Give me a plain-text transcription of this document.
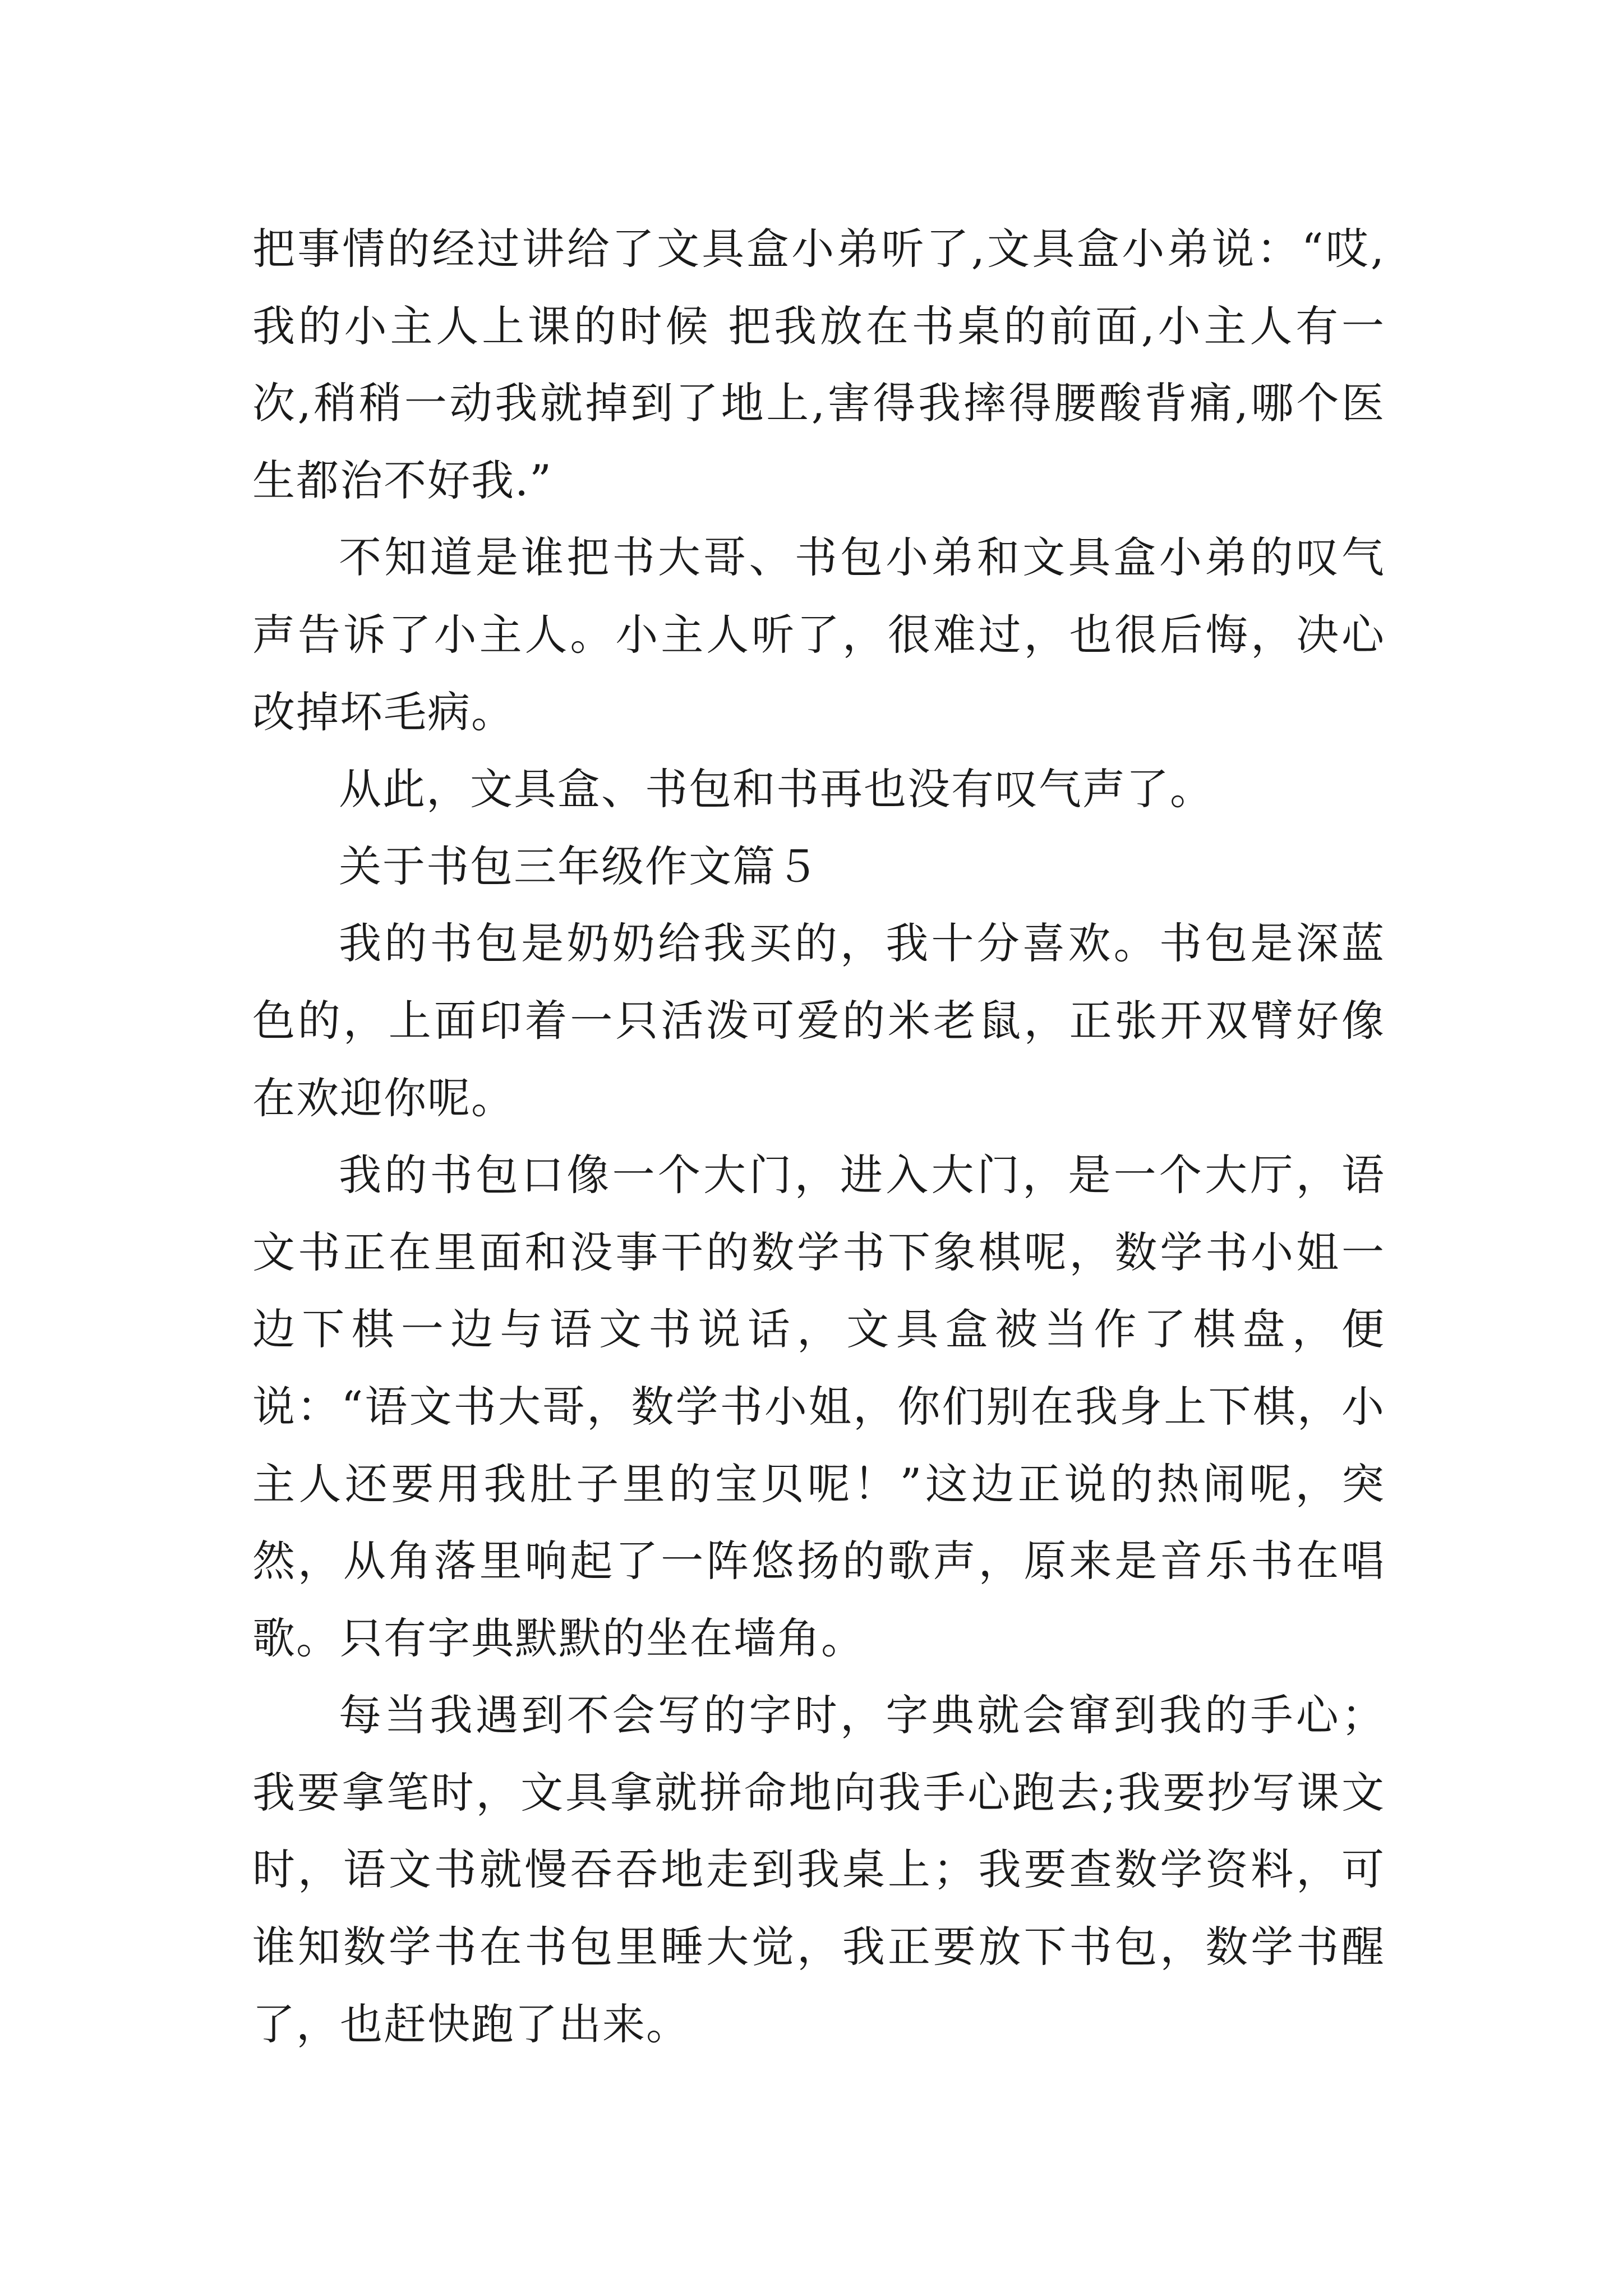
把事情的经过讲给了文具盒小弟听了,文具盒小弟说：“哎,我的小主人上课的时候 把我放在书桌的前面,小主人有一次,稍稍一动我就掉到了地上,害得我摔得腰酸背痛,哪个医生都治不好我.”

不知道是谁把书大哥、书包小弟和文具盒小弟的叹气声告诉了小主人。小主人听了，很难过，也很后悔，决心改掉坏毛病。

从此，文具盒、书包和书再也没有叹气声了。

关于书包三年级作文篇５

我的书包是奶奶给我买的，我十分喜欢。书包是深蓝色的，上面印着一只活泼可爱的米老鼠，正张开双臂好像在欢迎你呢。

我的书包口像一个大门，进入大门，是一个大厅，语文书正在里面和没事干的数学书下象棋呢，数学书小姐一边下棋一边与语文书说话，文具盒被当作了棋盘，便说：“语文书大哥，数学书小姐，你们别在我身上下棋，小主人还要用我肚子里的宝贝呢！”这边正说的热闹呢，突然，从角落里响起了一阵悠扬的歌声，原来是音乐书在唱歌。只有字典默默的坐在墙角。

每当我遇到不会写的字时，字典就会窜到我的手心；我要拿笔时，文具拿就拼命地向我手心跑去;我要抄写课文时，语文书就慢吞吞地走到我桌上；我要查数学资料，可谁知数学书在书包里睡大觉，我正要放下书包，数学书醒了，也赶快跑了出来。
